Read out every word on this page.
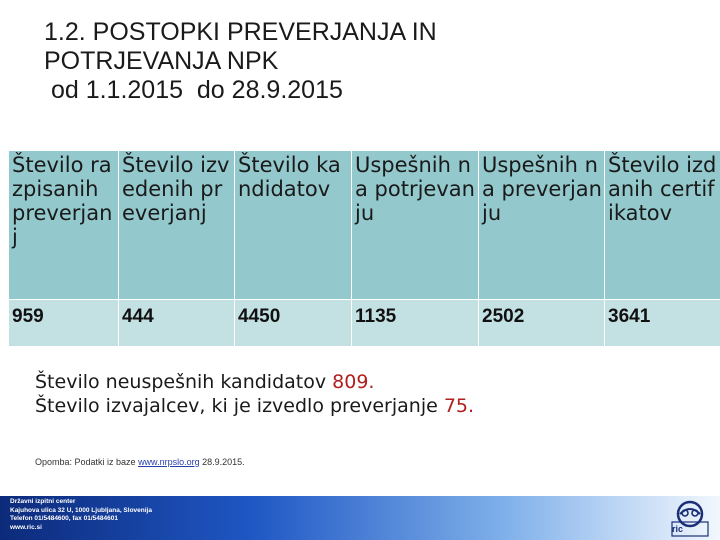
1.2. POSTOPKI PREVERJANJA IN
POTRJEVANJA NPK
od 1.1.2015  do 28.9.2015
Število razpisanih preverjanj	Število izvedenih preverjanj	Število kandidatov	Uspešnih na potrjevanju	Uspešnih na preverjanju	Število izdanih certifikatov
959	444	4450	1135	2502	3641
Število neuspešnih kandidatov 809.
Število izvajalcev, ki je izvedlo preverjanje 75.
Opomba: Podatki iz baze www.nrpslo.org 28.9.2015.
Državni izpitni center
Kajuhova ulica 32 U, 1000 Ljubljana, Slovenija
Telefon 01/5484600, fax 01/5484601
www.ric.si	ric
